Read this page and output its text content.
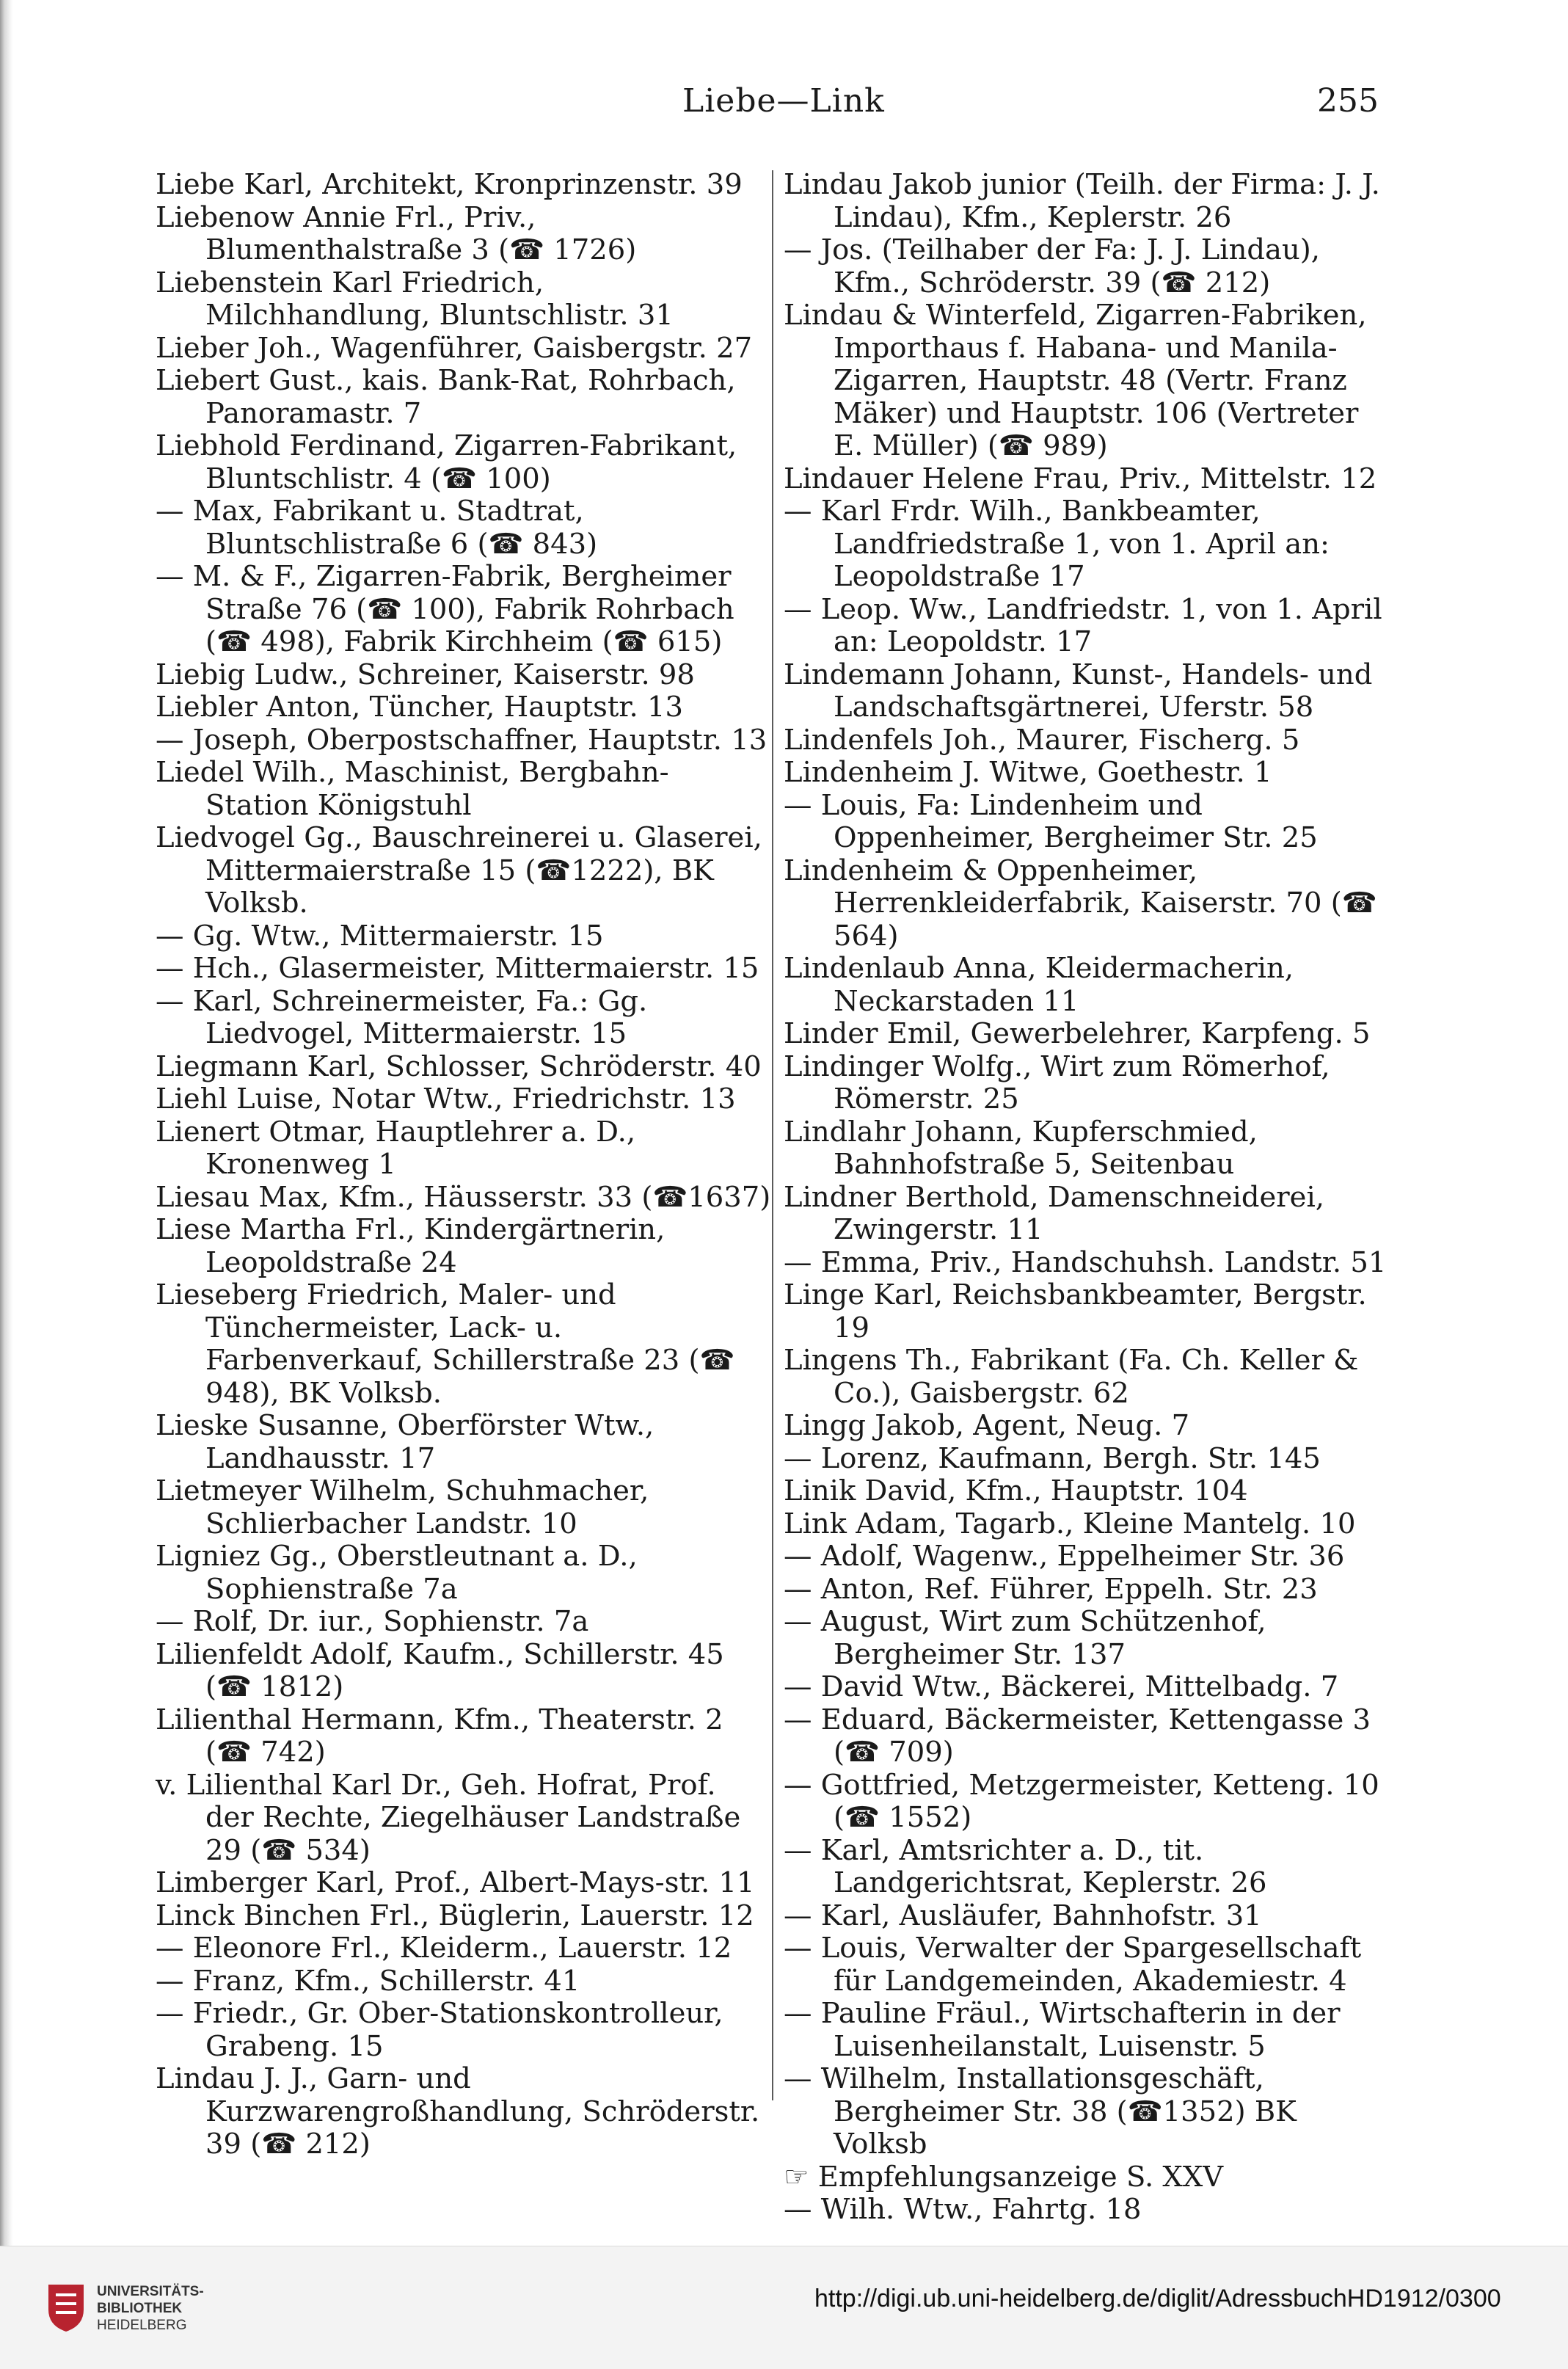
Liebe—Link	255

Liebe Karl, Architekt, Kronprinzenstr. 39

Liebenow Annie Frl., Priv., Blumenthalstraße 3 (☎ 1726)

Liebenstein Karl Friedrich, Milchhandlung, Bluntschlistr. 31

Lieber Joh., Wagenführer, Gaisbergstr. 27

Liebert Gust., kais. Bank-Rat, Rohrbach, Panoramastr. 7

Liebhold Ferdinand, Zigarren-Fabrikant, Bluntschlistr. 4 (☎ 100)

— Max, Fabrikant u. Stadtrat, Bluntschlistraße 6 (☎ 843)

— M. & F., Zigarren-Fabrik, Bergheimer Straße 76 (☎ 100), Fabrik Rohrbach (☎ 498), Fabrik Kirchheim (☎ 615)

Liebig Ludw., Schreiner, Kaiserstr. 98

Liebler Anton, Tüncher, Hauptstr. 13

— Joseph, Oberpostschaffner, Hauptstr. 13

Liedel Wilh., Maschinist, Bergbahn-Station Königstuhl

Liedvogel Gg., Bauschreinerei u. Glaserei, Mittermaierstraße 15 (☎1222), BK Volksb.

— Gg. Wtw., Mittermaierstr. 15

— Hch., Glasermeister, Mittermaierstr. 15

— Karl, Schreinermeister, Fa.: Gg. Liedvogel, Mittermaierstr. 15

Liegmann Karl, Schlosser, Schröderstr. 40

Liehl Luise, Notar Wtw., Friedrichstr. 13

Lienert Otmar, Hauptlehrer a. D., Kronenweg 1

Liesau Max, Kfm., Häusserstr. 33 (☎1637)

Liese Martha Frl., Kindergärtnerin, Leopoldstraße 24

Lieseberg Friedrich, Maler- und Tünchermeister, Lack- u. Farbenverkauf, Schillerstraße 23 (☎ 948), BK Volksb.

Lieske Susanne, Oberförster Wtw., Landhausstr. 17

Lietmeyer Wilhelm, Schuhmacher, Schlierbacher Landstr. 10

Ligniez Gg., Oberstleutnant a. D., Sophienstraße 7a

— Rolf, Dr. iur., Sophienstr. 7a

Lilienfeldt Adolf, Kaufm., Schillerstr. 45 (☎ 1812)

Lilienthal Hermann, Kfm., Theaterstr. 2 (☎ 742)

v. Lilienthal Karl Dr., Geh. Hofrat, Prof. der Rechte, Ziegelhäuser Landstraße 29 (☎ 534)

Limberger Karl, Prof., Albert-Mays-str. 11

Linck Binchen Frl., Büglerin, Lauerstr. 12

— Eleonore Frl., Kleiderm., Lauerstr. 12

— Franz, Kfm., Schillerstr. 41

— Friedr., Gr. Ober-Stationskontrolleur, Grabeng. 15

Lindau J. J., Garn- und Kurzwarengroßhandlung, Schröderstr. 39 (☎ 212)

Lindau Jakob junior (Teilh. der Firma: J. J. Lindau), Kfm., Keplerstr. 26

— Jos. (Teilhaber der Fa: J. J. Lindau), Kfm., Schröderstr. 39 (☎ 212)

Lindau & Winterfeld, Zigarren-Fabriken, Importhaus f. Habana- und Manila-Zigarren, Hauptstr. 48 (Vertr. Franz Mäker) und Hauptstr. 106 (Vertreter E. Müller) (☎ 989)

Lindauer Helene Frau, Priv., Mittelstr. 12

— Karl Frdr. Wilh., Bankbeamter, Landfriedstraße 1, von 1. April an: Leopoldstraße 17

— Leop. Ww., Landfriedstr. 1, von 1. April an: Leopoldstr. 17

Lindemann Johann, Kunst-, Handels- und Landschaftsgärtnerei, Uferstr. 58

Lindenfels Joh., Maurer, Fischerg. 5

Lindenheim J. Witwe, Goethestr. 1

— Louis, Fa: Lindenheim und Oppenheimer, Bergheimer Str. 25

Lindenheim & Oppenheimer, Herrenkleiderfabrik, Kaiserstr. 70 (☎ 564)

Lindenlaub Anna, Kleidermacherin, Neckarstaden 11

Linder Emil, Gewerbelehrer, Karpfeng. 5

Lindinger Wolfg., Wirt zum Römerhof, Römerstr. 25

Lindlahr Johann, Kupferschmied, Bahnhofstraße 5, Seitenbau

Lindner Berthold, Damenschneiderei, Zwingerstr. 11

— Emma, Priv., Handschuhsh. Landstr. 51

Linge Karl, Reichsbankbeamter, Bergstr. 19

Lingens Th., Fabrikant (Fa. Ch. Keller & Co.), Gaisbergstr. 62

Lingg Jakob, Agent, Neug. 7

— Lorenz, Kaufmann, Bergh. Str. 145

Linik David, Kfm., Hauptstr. 104

Link Adam, Tagarb., Kleine Mantelg. 10

— Adolf, Wagenw., Eppelheimer Str. 36

— Anton, Ref. Führer, Eppelh. Str. 23

— August, Wirt zum Schützenhof, Bergheimer Str. 137

— David Wtw., Bäckerei, Mittelbadg. 7

— Eduard, Bäckermeister, Kettengasse 3 (☎ 709)

— Gottfried, Metzgermeister, Ketteng. 10 (☎ 1552)

— Karl, Amtsrichter a. D., tit. Landgerichtsrat, Keplerstr. 26

— Karl, Ausläufer, Bahnhofstr. 31

— Louis, Verwalter der Spargesellschaft für Landgemeinden, Akademiestr. 4

— Pauline Fräul., Wirtschafterin in der Luisenheilanstalt, Luisenstr. 5

— Wilhelm, Installationsgeschäft, Bergheimer Str. 38 (☎1352) BK Volksb

☞ Empfehlungsanzeige S. XXV

— Wilh. Wtw., Fahrtg. 18

UNIVERSITÄTS-
BIBLIOTHEK
HEIDELBERG
http://digi.ub.uni-heidelberg.de/diglit/AdressbuchHD1912/0300
